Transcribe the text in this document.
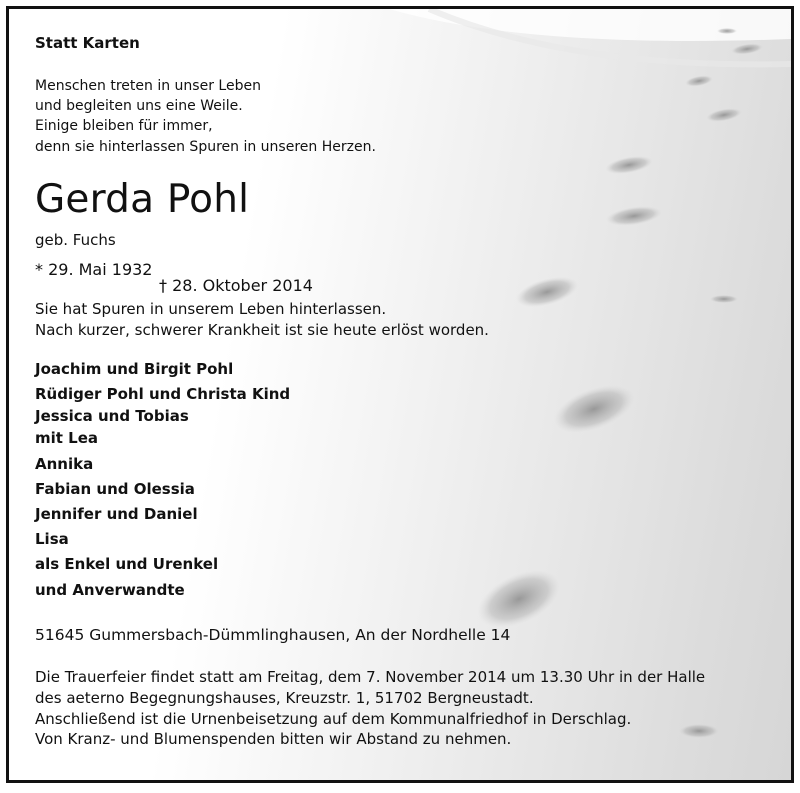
Statt Karten

Menschen treten in unser Leben
und begleiten uns eine Weile.
Einige bleiben für immer,
denn sie hinterlassen Spuren in unseren Herzen.
Gerda Pohl

geb. Fuchs

* 29. Mai 1932

† 28. Oktober 2014

Sie hat Spuren in unserem Leben hinterlassen.
Nach kurzer, schwerer Krankheit ist sie heute erlöst worden.
Joachim und Birgit Pohl
Rüdiger Pohl und Christa Kind
Jessica und Tobias
mit Lea
Annika
Fabian und Olessia
Jennifer und Daniel
Lisa
als Enkel und Urenkel
und Anverwandte

51645 Gummersbach-Dümmlinghausen, An der Nordhelle 14

Die Trauerfeier findet statt am Freitag, dem 7. November 2014 um 13.30 Uhr in der Halle
des aeterno Begegnungshauses, Kreuzstr. 1, 51702 Bergneustadt.
Anschließend ist die Urnenbeisetzung auf dem Kommunalfriedhof in Derschlag.
Von Kranz- und Blumenspenden bitten wir Abstand zu nehmen.
